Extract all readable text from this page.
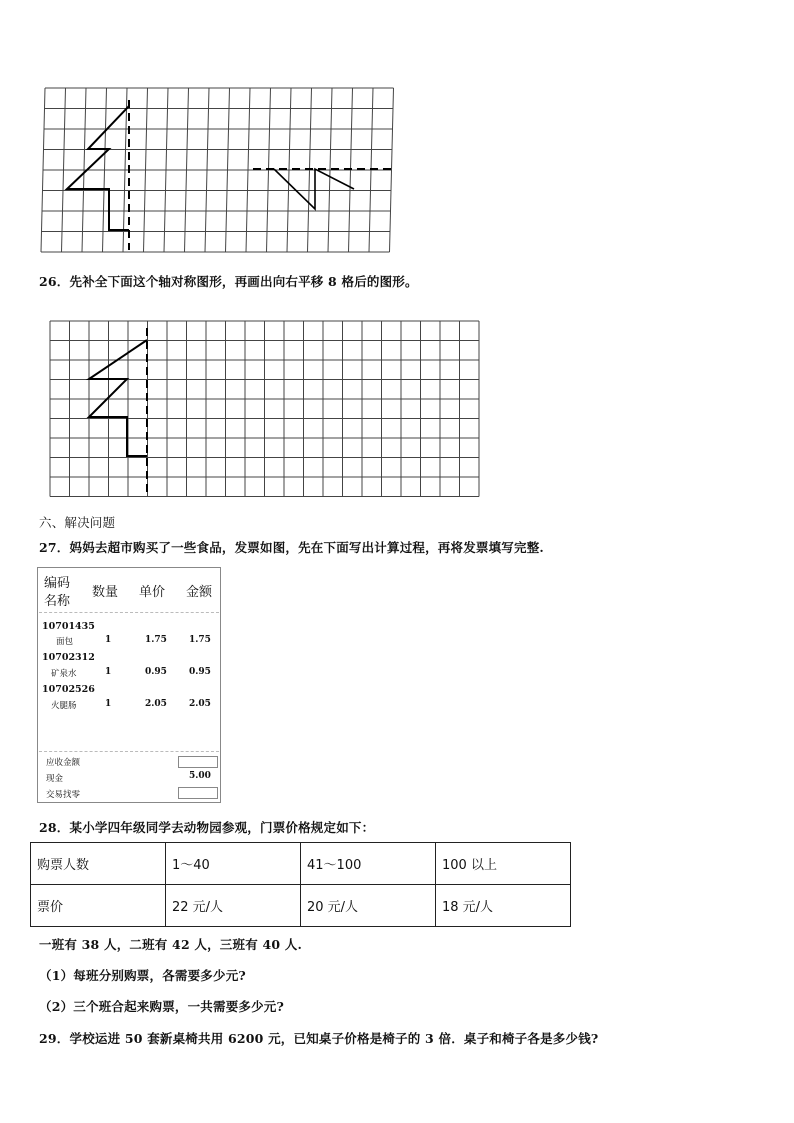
26．先补全下面这个轴对称图形，再画出向右平移 8 格后的图形。
六、解决问题
27．妈妈去超市购买了一些食品，发票如图，先在下面写出计算过程，再将发票填写完整.
编码
名称
数量 单价 金额
10701435
面包	1	1.75 1.75
10702312
矿泉水	1	0.95 0.95
10702526
火腿肠	1	2.05 2.05
应收金额
现金	5.00
交易找零
28．某小学四年级同学去动物园参观，门票价格规定如下：
购票人数	1～40	41～100	100 以上
票价	22 元/人	20 元/人	18 元/人
一班有 38 人，二班有 42 人，三班有 40 人.
（1）每班分别购票，各需要多少元?
（2）三个班合起来购票，一共需要多少元?
29．学校运进 50 套新桌椅共用 6200 元，已知桌子价格是椅子的 3 倍．桌子和椅子各是多少钱?
